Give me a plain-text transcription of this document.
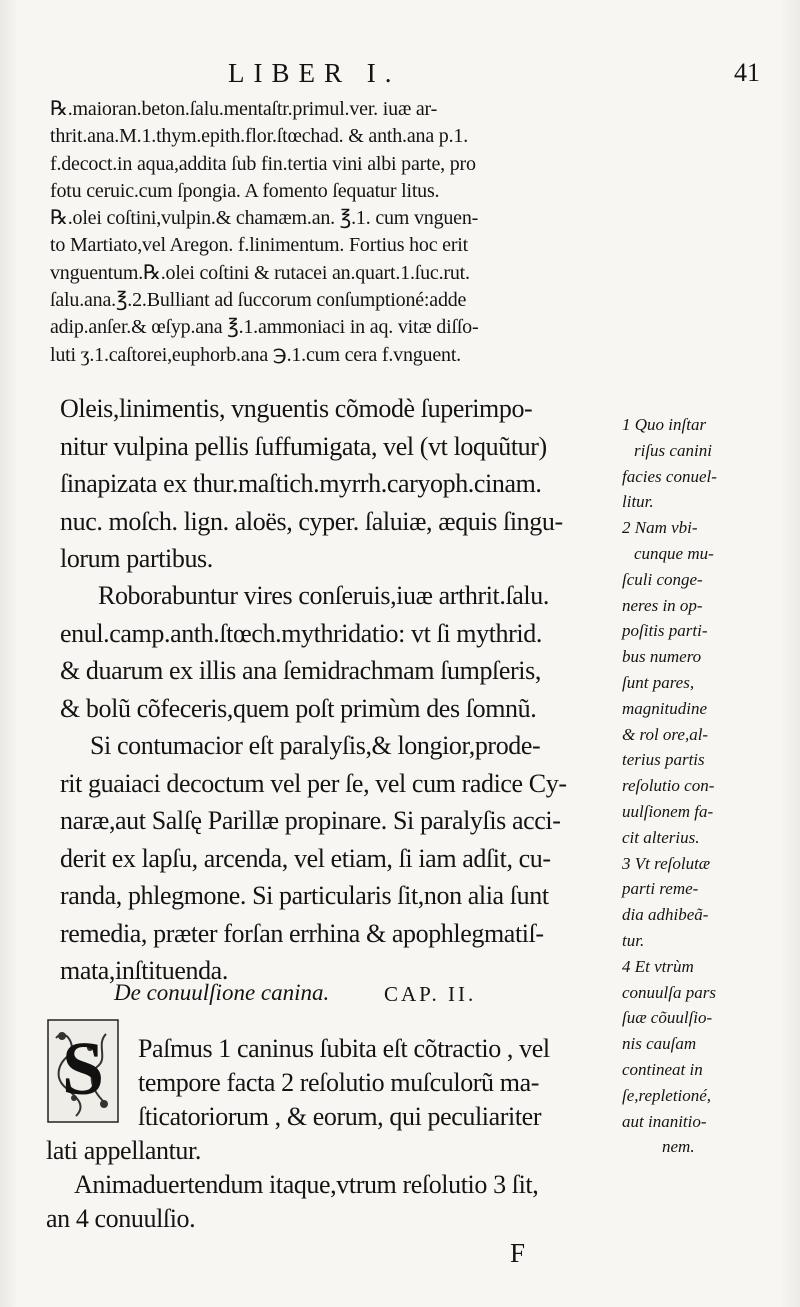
LIBER I.	41
℞.maioran.beton.ſalu.mentaſtr.primul.ver. iuæ ar-
thrit.ana.M.1.thym.epith.flor.ſtœchad. & anth.ana p.1.
f.decoct.in aqua,addita ſub fin.tertia vini albi parte, pro
fotu ceruic.cum ſpongia. A fomento ſequatur litus.
℞.olei coſtini,vulpin.& chamæm.an. ℥.1. cum vnguen-
to Martiato,vel Aregon. f.linimentum. Fortius hoc erit
vnguentum.℞.olei coſtini & rutacei an.quart.1.ſuc.rut.
ſalu.ana.℥.2.Bulliant ad ſuccorum conſumptioné:adde
adip.anſer.& œſyp.ana ℥.1.ammoniaci in aq. vitæ diſſo-
luti ʒ.1.caſtorei,euphorb.ana ℈.1.cum cera f.vnguent.
Oleis,linimentis, vnguentis cõmodè ſuperimpo-
nitur vulpina pellis ſuffumigata, vel (vt loquũtur)
ſinapizata ex thur.maſtich.myrrh.caryoph.cinam.
nuc. moſch. lign. aloës, cyper. ſaluiæ, æquis ſingu-
lorum partibus.
Roborabuntur vires conſeruis,iuæ arthrit.ſalu.
enul.camp.anth.ſtœch.mythridatio: vt ſi mythrid.
& duarum ex illis ana ſemidrachmam ſumpſeris,
& bolũ cõfeceris,quem poſt primùm des ſomnũ.
Si contumacior eſt paralyſis,& longior,prode-
rit guaiaci decoctum vel per ſe, vel cum radice Cy-
naræ,aut Salſę Parillæ propinare. Si paralyſis acci-
derit ex lapſu, arcenda, vel etiam, ſi iam adſit, cu-
randa, phlegmone. Si particularis ſit,non alia ſunt
remedia, præter forſan errhina & apophlegmatiſ-
mata,inſtituenda.
De conuulſione canina.	CAP. II.
S	Paſmus 1 caninus ſubita eſt cõtractio , vel
tempore facta 2 reſolutio muſculorũ ma-
ſticatoriorum , & eorum, qui peculiariter
lati appellantur.
Animaduertendum itaque,vtrum reſolutio 3 ſit,
an 4 conuulſio.
1 Quo inſtar
riſus canini
facies conuel-
litur.
2 Nam vbi-
cunque mu-
ſculi conge-
neres in op-
poſitis parti-
bus numero
ſunt pares,
magnitudine
& rol ore,al-
terius partis
reſolutio con-
uulſionem fa-
cit alterius.
3 Vt reſolutæ
parti reme-
dia adhibeã-
tur.
4 Et vtrùm
conuulſa pars
ſuæ cõuulſio-
nis cauſam
contineat in
ſe,repletioné,
aut inanitio-
nem.
F
